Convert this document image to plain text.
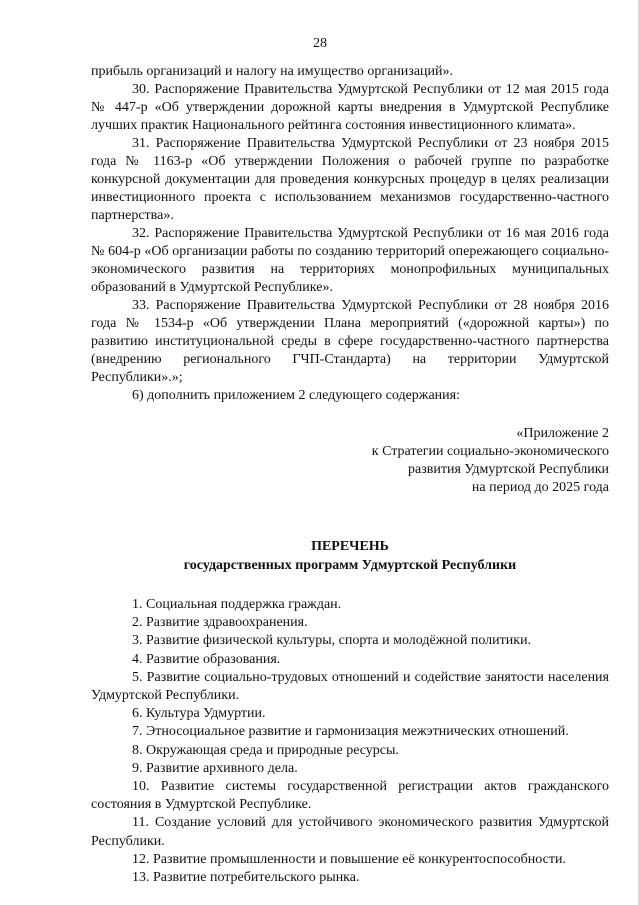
28

прибыль организаций и налогу на имущество организаций».

30. Распоряжение Правительства Удмуртской Республики от 12 мая 2015 года № 447-р «Об утверждении дорожной карты внедрения в Удмуртской Республике лучших практик Национального рейтинга состояния инвестиционного климата».

31. Распоряжение Правительства Удмуртской Республики от 23 ноября 2015 года № 1163-р «Об утверждении Положения о рабочей группе по разработке конкурсной документации для проведения конкурсных процедур в целях реализации инвестиционного проекта с использованием механизмов государственно-частного партнерства».

32. Распоряжение Правительства Удмуртской Республики от 16 мая 2016 года № 604-р «Об организации работы по созданию территорий опережающего социально-экономического развития на территориях монопрофильных муниципальных образований в Удмуртской Республике».

33. Распоряжение Правительства Удмуртской Республики от 28 ноября 2016 года № 1534-р «Об утверждении Плана мероприятий («дорожной карты») по развитию институциональной среды в сфере государственно-частного партнерства (внедрению регионального ГЧП-Стандарта) на территории Удмуртской Республики».»;

6) дополнить приложением 2 следующего содержания:

«Приложение 2
к Стратегии социально-экономического
развития Удмуртской Республики
на период до 2025 года
ПЕРЕЧЕНЬ
государственных программ Удмуртской Республики

1. Социальная поддержка граждан.

2. Развитие здравоохранения.

3. Развитие физической культуры, спорта и молодёжной политики.

4. Развитие образования.

5. Развитие социально-трудовых отношений и содействие занятости населения Удмуртской Республики.

6. Культура Удмуртии.

7. Этносоциальное развитие и гармонизация межэтнических отношений.

8. Окружающая среда и природные ресурсы.

9. Развитие архивного дела.

10. Развитие системы государственной регистрации актов гражданского состояния в Удмуртской Республике.

11. Создание условий для устойчивого экономического развития Удмуртской Республики.

12. Развитие промышленности и повышение её конкурентоспособности.

13. Развитие потребительского рынка.
